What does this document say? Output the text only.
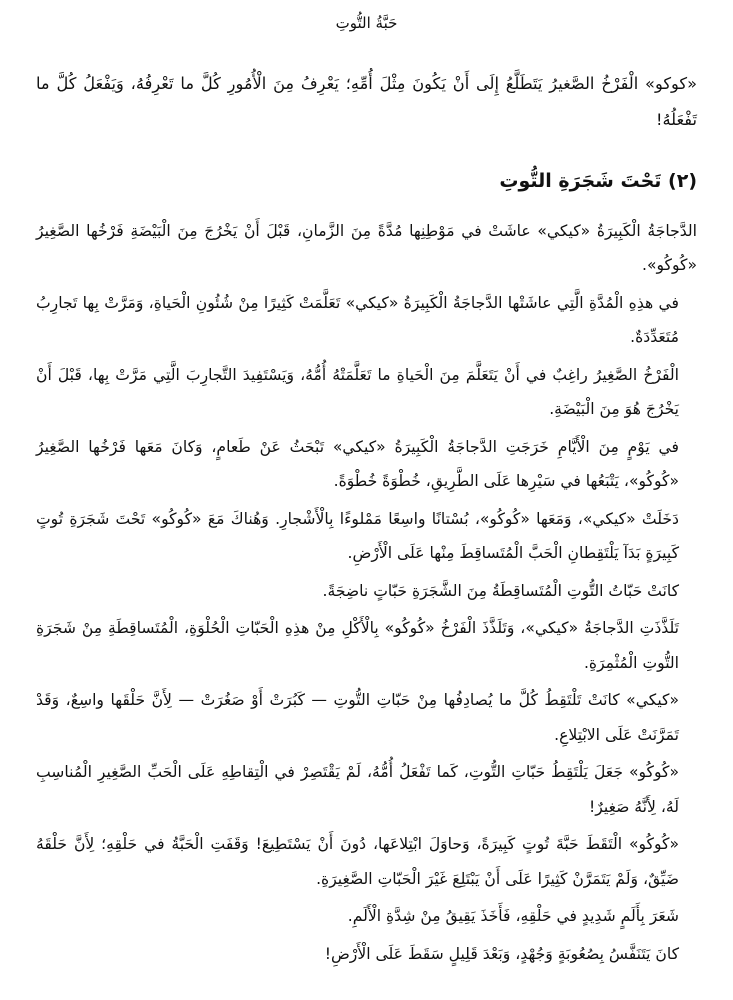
حَبَّةُ التُّوتِ

«كوكو» الْفَرْخُ الصَّغيرُ يَتَطَلَّعُ إِلَى أَنْ يَكُونَ مِثْلَ أُمِّهِ؛ يَعْرِفُ مِنَ الْأُمُورِ كُلَّ ما تَعْرِفُهُ، وَيَفْعَلُ كُلَّ ما تَفْعَلُهُ!

(٢) تَحْتَ شَجَرَةِ التُّوتِ

الدَّجاجَةُ الْكَبِيرَةُ «كيكي» عاشَتْ في مَوْطِنِها مُدَّةً مِنَ الزَّمانِ، قَبْلَ أَنْ يَخْرُجَ مِنَ الْبَيْضَةِ فَرْخُها الصَّغِيرُ «كُوكُو».

في هذِهِ الْمُدَّةِ الَّتِي عاشَتْها الدَّجاجَةُ الْكَبِيرَةُ «كيكي» تَعَلَّمَتْ كَثِيرًا مِنْ شُئُونِ الْحَياةِ، وَمَرَّتْ بِها تَجارِبُ مُتَعَدِّدَةٌ.

الْفَرْخُ الصَّغِيرُ راغِبٌ في أَنْ يَتَعَلَّمَ مِنَ الْحَياةِ ما تَعَلَّمَتْهُ أُمُّهُ، وَيَسْتَفِيدَ التَّجارِبَ الَّتِي مَرَّتْ بِها، قَبْلَ أَنْ يَخْرُجَ هُوَ مِنَ الْبَيْضَةِ.

في يَوْمٍ مِنَ الْأَيَّامِ خَرَجَتِ الدَّجاجَةُ الْكَبِيرَةُ «كيكي» تَبْحَثُ عَنْ طَعامٍ، وَكانَ مَعَها فَرْخُها الصَّغِيرُ «كُوكُو»، يَتْبَعُها في سَيْرِها عَلَى الطَّرِيقِ، خُطْوَةً خُطْوَةً.

دَخَلَتْ «كيكي»، وَمَعَها «كُوكُو»، بُسْتانًا واسِعًا مَمْلوءًا بِالْأَشْجارِ. وَهُناكَ مَعَ «كُوكُو» تَحْتَ شَجَرَةِ تُوتٍ كَبِيرَةٍ بَدَآ يَلْتَقِطانِ الْحَبَّ الْمُتَساقِطَ مِنْها عَلَى الْأَرْضِ.

كانَتْ حَبّاتُ التُّوتِ الْمُتَساقِطَةُ مِنَ الشَّجَرَةِ حَبّاتٍ ناضِجَةً.

تَلَذَّذَتِ الدَّجاجَةُ «كيكي»، وَتَلَذَّذَ الْفَرْخُ «كُوكُو» بِالْأَكْلِ مِنْ هذِهِ الْحَبّاتِ الْحُلْوَةِ، الْمُتَساقِطَةِ مِنْ شَجَرَةِ التُّوتِ الْمُثْمِرَةِ.

«كيكي» كانَتْ تَلْتَقِطُ كُلَّ ما يُصادِفُها مِنْ حَبّاتِ التُّوتِ — كَبُرَتْ أَوْ صَغُرَتْ — لِأَنَّ حَلْقَها واسِعٌ، وَقَدْ تَمَرَّنَتْ عَلَى الابْتِلاعِ.

«كُوكُو» جَعَلَ يَلْتَقِطُ حَبّاتِ التُّوتِ، كَما تَفْعَلُ أُمُّهُ، لَمْ يَقْتَصِرْ في الْتِقاطِهِ عَلَى الْحَبِّ الصَّغِيرِ الْمُناسِبِ لَهُ، لِأَنَّهُ صَغِيرٌ!

«كُوكُو» الْتَقَطَ حَبَّةَ تُوتٍ كَبِيرَةً، وَحاوَلَ ابْتِلاعَها، دُونَ أَنْ يَسْتَطِيعَ! وَقَفَتِ الْحَبَّةُ في حَلْقِهِ؛ لِأَنَّ حَلْقَهُ ضَيِّقٌ، وَلَمْ يَتَمَرَّنْ كَثِيرًا عَلَى أَنْ يَبْتَلِعَ غَيْرَ الْحَبّاتِ الصَّغِيرَةِ.

شَعَرَ بِأَلَمٍ شَدِيدٍ في حَلْقِهِ، فَأَخَذَ يَقِيقُ مِنْ شِدَّةِ الْأَلَمِ.

كانَ يَتَنَفَّسُ بِصُعُوبَةٍ وَجُهْدٍ، وَبَعْدَ قَلِيلٍ سَقَطَ عَلَى الْأَرْضِ!
